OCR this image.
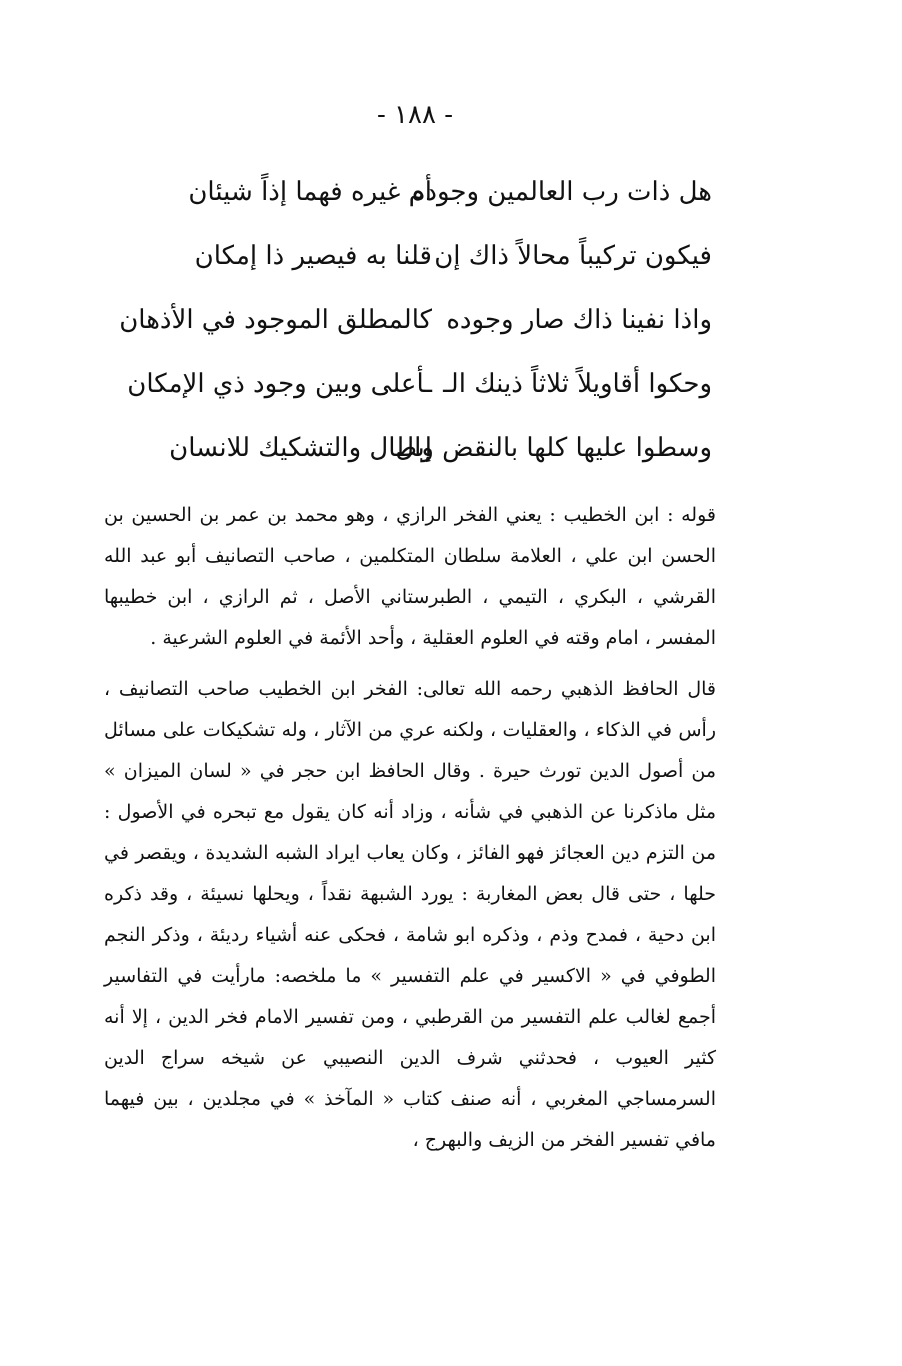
- ١٨٨ -
هل ذات رب العالمين وجوده
أم غيره فهما إذاً شيئان
فيكون تركيباً محالاً ذاك إن
قلنا به فيصير ذا إمكان
واذا نفينا ذاك صار وجوده
كالمطلق الموجود في الأذهان
وحكوا أقاويلاً ثلاثاً ذينك الـ
ـأعلى وبين وجود ذي الإمكان
وسطوا عليها كلها بالنقض وال
إبطال والتشكيك للانسان

قوله : ابن الخطيب : يعني الفخر الرازي ، وهو محمد بن عمر بن الحسين بن الحسن ابن علي ، العلامة سلطان المتكلمين ، صاحب التصانيف أبو عبد الله القرشي ، البكري ، التيمي ، الطبرستاني الأصل ، ثم الرازي ، ابن خطيبها المفسر ، امام وقته في العلوم العقلية ، وأحد الأئمة في العلوم الشرعية .

قال الحافظ الذهبي رحمه الله تعالى: الفخر ابن الخطيب صاحب التصانيف ، رأس في الذكاء ، والعقليات ، ولكنه عري من الآثار ، وله تشكيكات على مسائل من أصول الدين تورث حيرة . وقال الحافظ ابن حجر في « لسان الميزان » مثل ماذكرنا عن الذهبي في شأنه ، وزاد أنه كان يقول مع تبحره في الأصول : من التزم دين العجائز فهو الفائز ، وكان يعاب ايراد الشبه الشديدة ، ويقصر في حلها ، حتى قال بعض المغاربة : يورد الشبهة نقداً ، ويحلها نسيئة ، وقد ذكره ابن دحية ، فمدح وذم ، وذكره ابو شامة ، فحكى عنه أشياء رديئة ، وذكر النجم الطوفي في « الاكسير في علم التفسير » ما ملخصه: مارأيت في التفاسير أجمع لغالب علم التفسير من القرطبي ، ومن تفسير الامام فخر الدين ، إلا أنه كثير العيوب ، فحدثني شرف الدين النصيبي عن شيخه سراج الدين السرمساجي المغربي ، أنه صنف كتاب « المآخذ » في مجلدين ، بين فيهما مافي تفسير الفخر من الزيف والبهرج ،
